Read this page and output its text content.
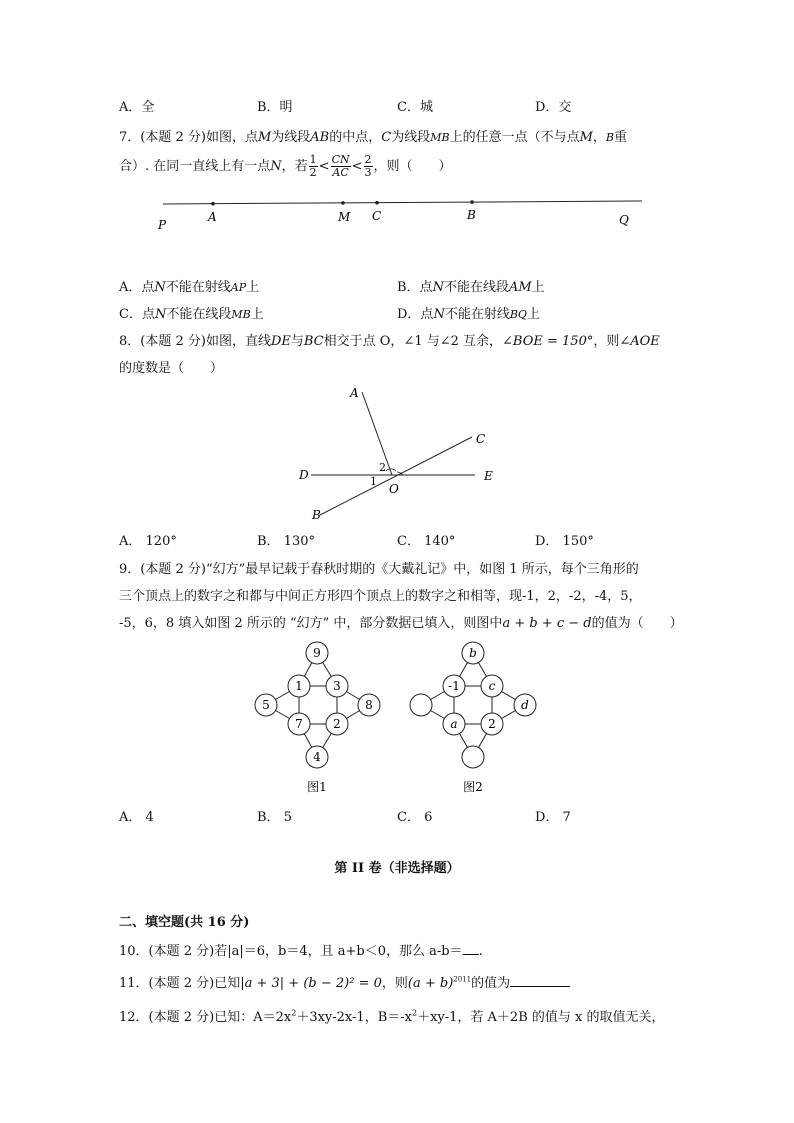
A．全	B．明	C．城	D．交
7．(本题 2 分)如图，点M为线段AB的中点，C为线段MB上的任意一点（不与点M，B重
合）. 在同一直线上有一点N，若 $\frac{1}{2} < \frac{CN}{AC} < \frac{2}{3}$ ，则（　　）
P
A	M C	B	Q
A．点N不能在射线AP上	B．点N不能在线段AM上
C．点N不能在线段MB上	D．点N不能在射线BQ上
8．(本题 2 分)如图，直线DE与BC相交于点 O，∠1 与∠2 互余，∠BOE = 150°，则∠AOE
的度数是（　　）
A
C
D	E
B
O
1
2
A． 120°	B． 130°	C． 140°	D． 150°
9．(本题 2 分)“幻方”最早记载于春秋时期的《大戴礼记》中，如图 1 所示，每个三角形的
三个顶点上的数字之和都与中间正方形四个顶点上的数字之和相等，现-1，2，-2，-4，5，
-5，6，8 填入如图 2 所示的 “幻方” 中，部分数据已填入，则图中a + b + c − d的值为（　　）
9
1	3
5	8
7	2
4
图1
b
-1 c
d
a	2
图2
A． 4	B． 5	C． 6	D． 7
第 II 卷（非选择题）
二、填空题(共 16 分)
10．(本题 2 分)若|a|＝6，b＝4，且 a+b＜0，那么 a-b＝ .
11．(本题 2 分)已知|a + 3| + (b − 2)² = 0，则$(a + b)^{2011}$的值为
12．(本题 2 分)已知：$A=2x^2+3xy-2x-1$，$B=-x^2+xy-1$，若 A＋2B 的值与 x 的取值无关，
